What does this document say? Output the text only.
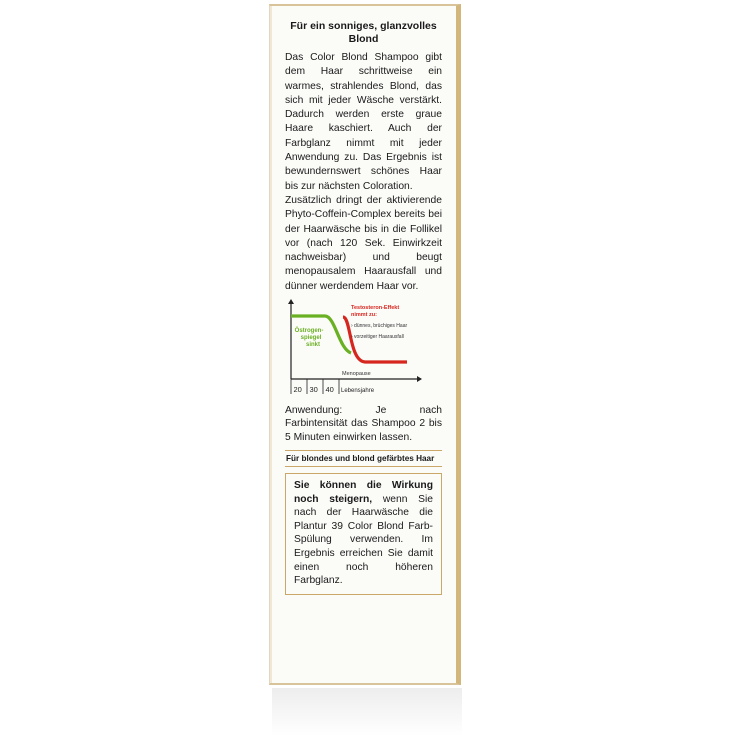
Für ein sonniges, glanzvolles Blond
Das Color Blond Shampoo gibt dem Haar schrittweise ein warmes, strahlendes Blond, das sich mit jeder Wäsche verstärkt. Dadurch werden erste graue Haare kaschiert. Auch der Farbglanz nimmt mit jeder Anwendung zu. Das Ergebnis ist bewundernswert schönes Haar bis zur nächsten Coloration.
Zusätzlich dringt der aktivierende Phyto-Coffein-Complex bereits bei der Haarwäsche bis in die Follikel vor (nach 120 Sek. Einwirkzeit nachweisbar) und beugt menopausalem Haarausfall und dünner werdendem Haar vor.
20 30 40 Lebensjahre
Östrogen-
spiegel
sinkt
Testosteron-Effekt
nimmt zu:
› dünnes, brüchiges Haar
› vorzeitiger Haarausfall
Menopause
Anwendung: Je nach Farbintensität das Shampoo 2 bis 5 Minuten einwirken lassen.
Für blondes und blond gefärbtes Haar
Sie können die Wirkung noch steigern, wenn Sie nach der Haarwäsche die Plantur 39 Color Blond Farb-Spülung verwenden. Im Ergebnis erreichen Sie damit einen noch höheren Farbglanz.
